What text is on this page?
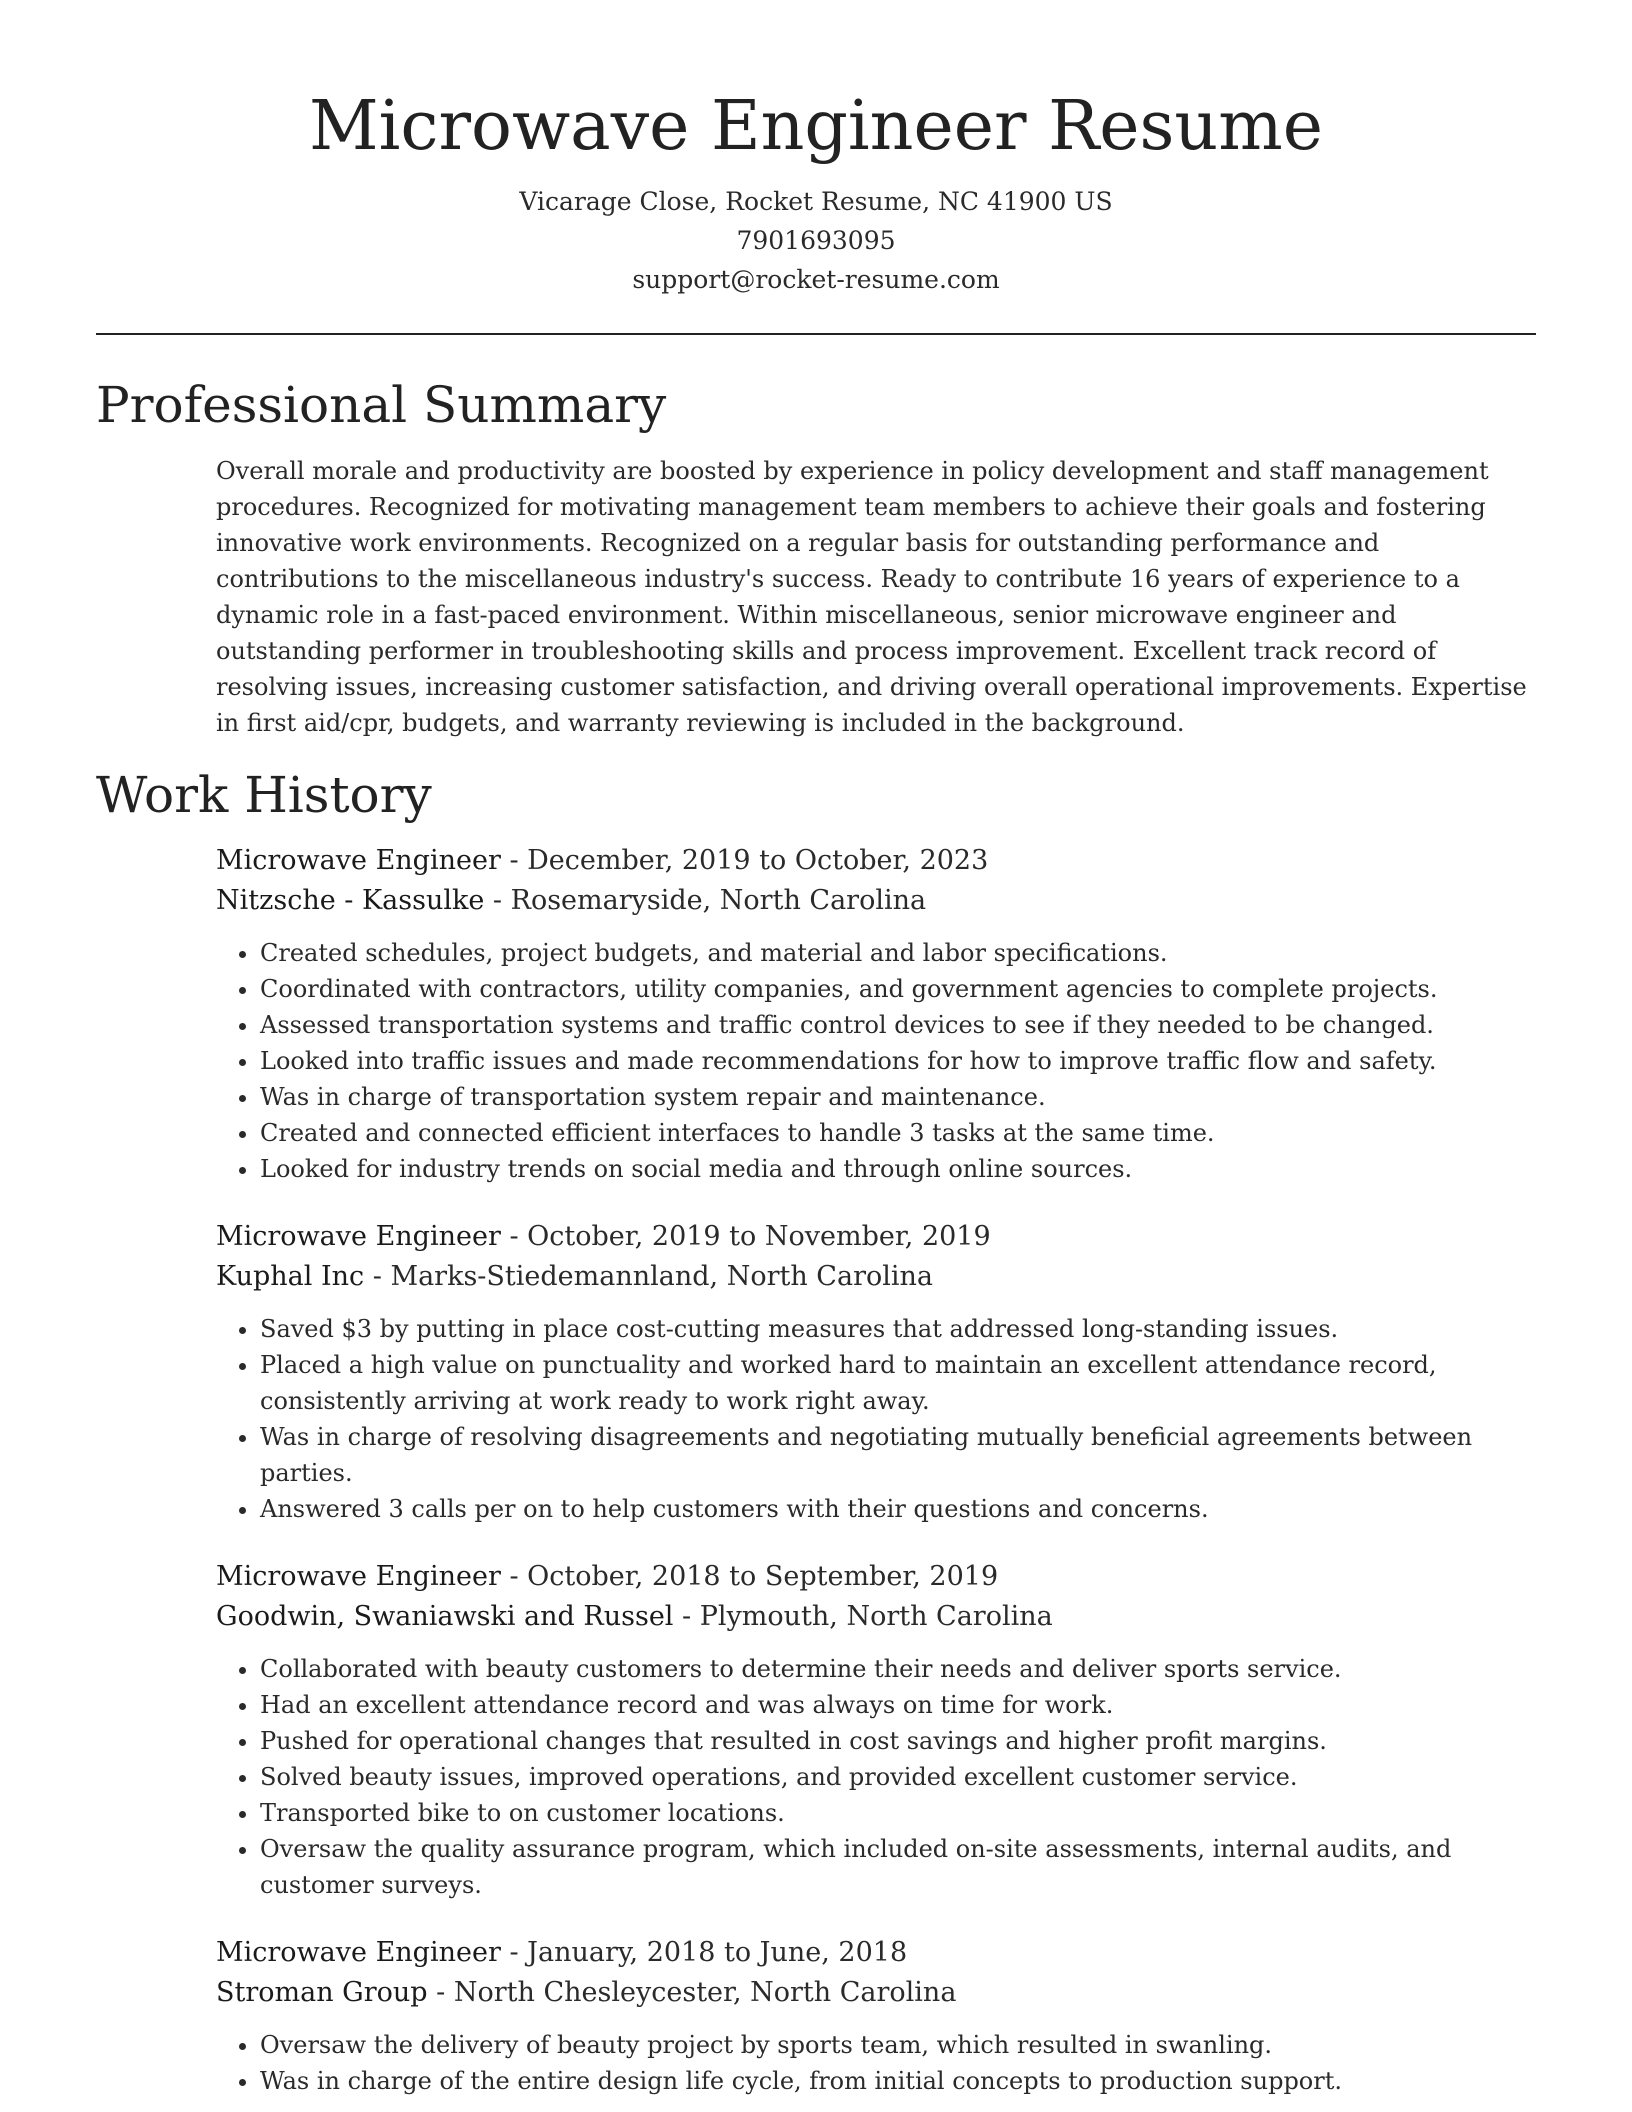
Microwave Engineer Resume
Vicarage Close, Rocket Resume, NC 41900 US
7901693095
support@rocket-resume.com
Professional Summary

Overall morale and productivity are boosted by experience in policy development and staff management procedures. Recognized for motivating management team members to achieve their goals and fostering innovative work environments. Recognized on a regular basis for outstanding performance and contributions to the miscellaneous industry's success. Ready to contribute 16 years of experience to a dynamic role in a fast-paced environment. Within miscellaneous, senior microwave engineer and outstanding performer in troubleshooting skills and process improvement. Excellent track record of resolving issues, increasing customer satisfaction, and driving overall operational improvements. Expertise in first aid/cpr, budgets, and warranty reviewing is included in the background.

Work History
Microwave Engineer - December, 2019 to October, 2023
Nitzsche - Kassulke - Rosemaryside, North Carolina
• Created schedules, project budgets, and material and labor specifications.
• Coordinated with contractors, utility companies, and government agencies to complete projects.
• Assessed transportation systems and traffic control devices to see if they needed to be changed.
• Looked into traffic issues and made recommendations for how to improve traffic flow and safety.
• Was in charge of transportation system repair and maintenance.
• Created and connected efficient interfaces to handle 3 tasks at the same time.
• Looked for industry trends on social media and through online sources.
Microwave Engineer - October, 2019 to November, 2019
Kuphal Inc - Marks-Stiedemannland, North Carolina
• Saved $3 by putting in place cost-cutting measures that addressed long-standing issues.
• Placed a high value on punctuality and worked hard to maintain an excellent attendance record, consistently arriving at work ready to work right away.
• Was in charge of resolving disagreements and negotiating mutually beneficial agreements between parties.
• Answered 3 calls per on to help customers with their questions and concerns.
Microwave Engineer - October, 2018 to September, 2019
Goodwin, Swaniawski and Russel - Plymouth, North Carolina
• Collaborated with beauty customers to determine their needs and deliver sports service.
• Had an excellent attendance record and was always on time for work.
• Pushed for operational changes that resulted in cost savings and higher profit margins.
• Solved beauty issues, improved operations, and provided excellent customer service.
• Transported bike to on customer locations.
• Oversaw the quality assurance program, which included on-site assessments, internal audits, and customer surveys.
Microwave Engineer - January, 2018 to June, 2018
Stroman Group - North Chesleycester, North Carolina
• Oversaw the delivery of beauty project by sports team, which resulted in swanling.
• Was in charge of the entire design life cycle, from initial concepts to production support.
